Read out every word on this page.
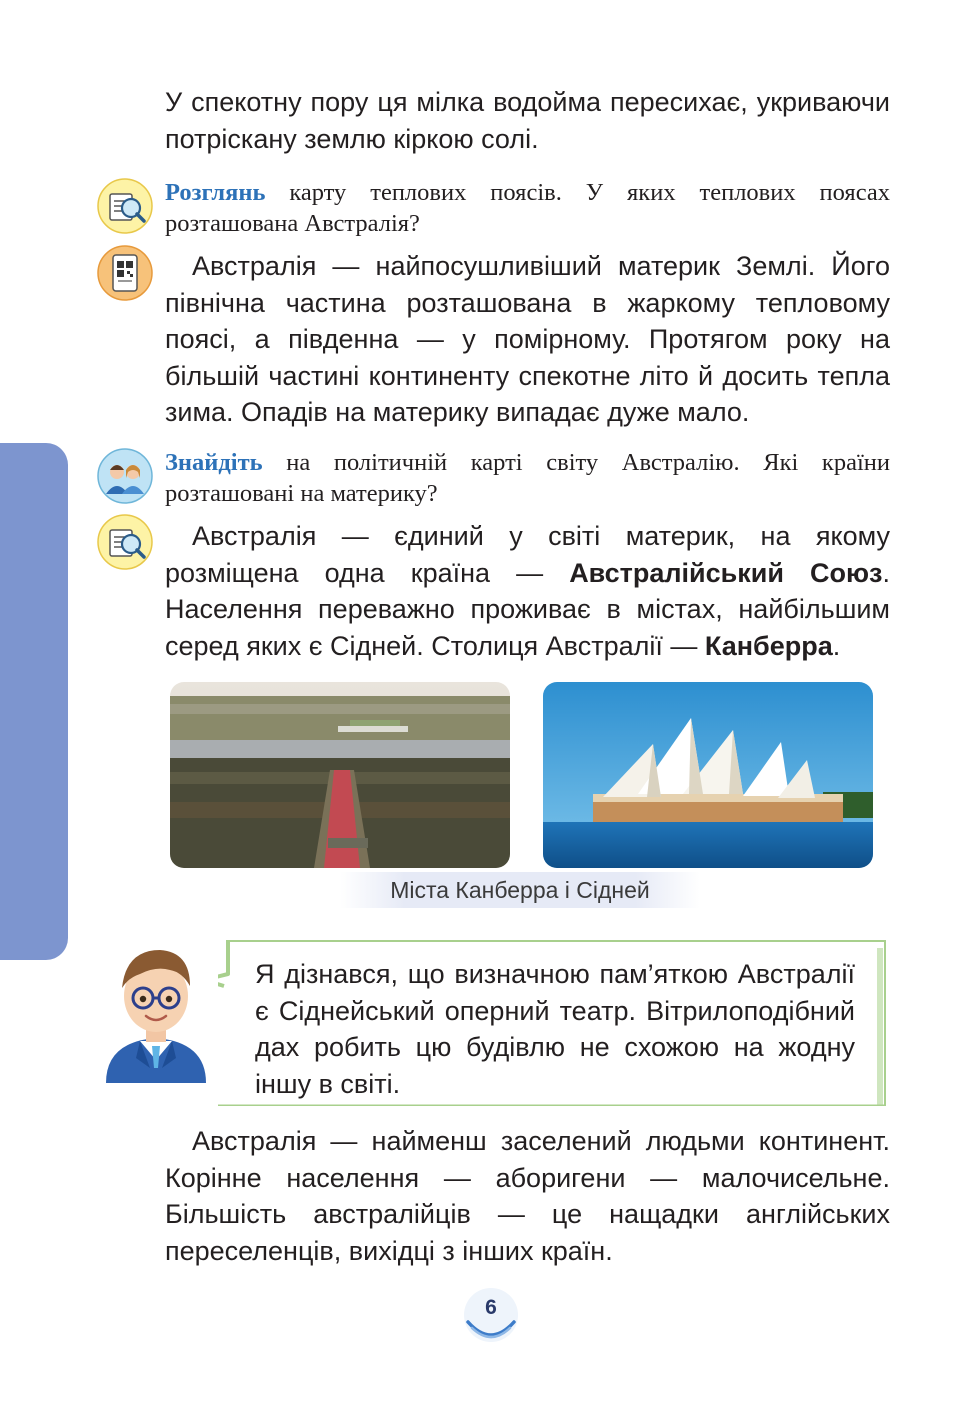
У спекотну пору ця мілка водойма пересихає, укриваючи потріскану землю кіркою солі.

Розглянь карту теплових поясів. У яких теплових поясах розташована Австралія?

Австралія — найпосушливіший материк Землі. Його північна частина розташована в жаркому тепловому поясі, а південна — у помірному. Протягом року на більшій частині континенту спекотне літо й досить тепла зима. Опадів на материку випадає дуже мало.

Знайдіть на політичній карті світу Австралію. Які країни розташовані на материку?

Австралія — єдиний у світі материк, на якому розміщена одна країна — Австралійський Союз. Населення переважно проживає в містах, найбільшим серед яких є Сідней. Столиця Австралії — Канберра.

Міста Канберра і Сідней

Я дізнався, що визначною пам’яткою Австралії є Сіднейський оперний театр. Вітрилоподібний дах робить цю будівлю не схожою на жодну іншу в світі.

Австралія — найменш заселений людьми континент. Корінне населення — аборигени — малочисельне. Більшість австралійців — це нащадки англійських переселенців, вихідці з інших країн.

6
